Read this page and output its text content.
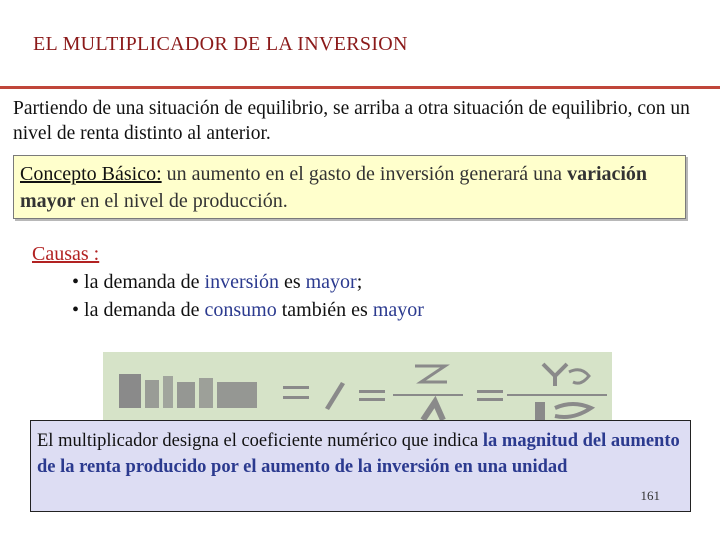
EL MULTIPLICADOR DE LA INVERSION
Partiendo de una situación de equilibrio, se arriba a otra situación de equilibrio, con un nivel de renta distinto al anterior.
Concepto Básico: un aumento en el gasto de inversión generará una variación mayor en el nivel de producción.
Causas :
• la demanda de inversión es mayor;
• la demanda de consumo también es mayor
El multiplicador designa el coeficiente numérico que indica la magnitud del aumento de la renta producido por el aumento de la inversión en una unidad
161
